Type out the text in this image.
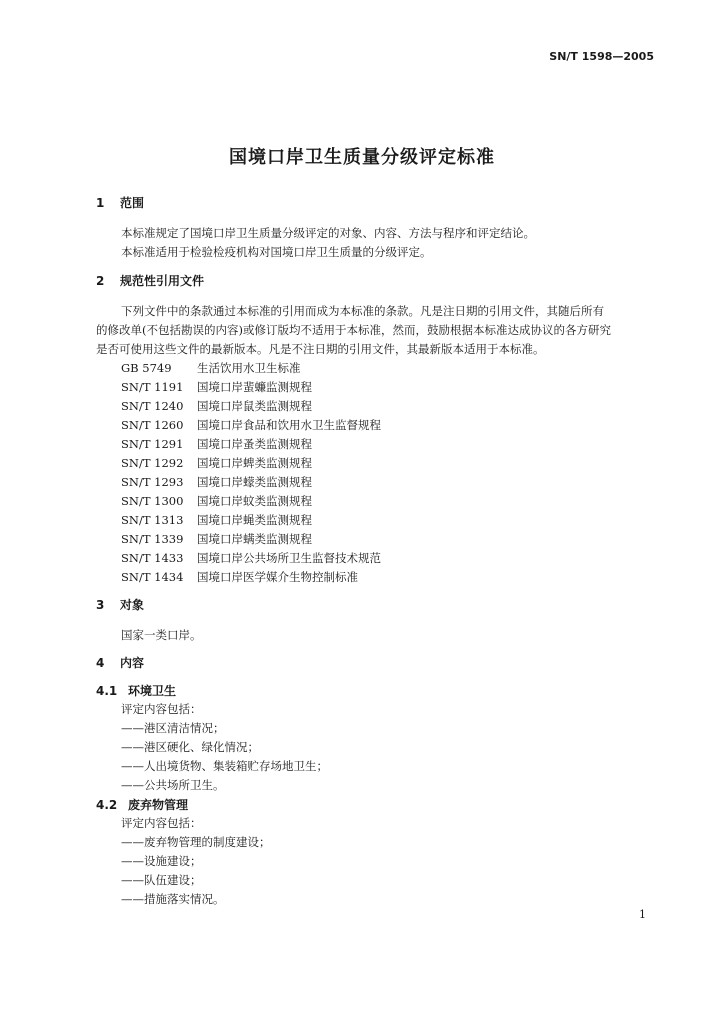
SN/T 1598—2005
国境口岸卫生质量分级评定标准
1 范围
本标准规定了国境口岸卫生质量分级评定的对象、内容、方法与程序和评定结论。
本标准适用于检验检疫机构对国境口岸卫生质量的分级评定。
2 规范性引用文件
下列文件中的条款通过本标准的引用而成为本标准的条款。凡是注日期的引用文件，其随后所有
的修改单(不包括勘误的内容)或修订版均不适用于本标准，然而，鼓励根据本标准达成协议的各方研究
是否可使用这些文件的最新版本。凡是不注日期的引用文件，其最新版本适用于本标准。
GB 5749 生活饮用水卫生标准
SN/T 1191 国境口岸蜚蠊监测规程
SN/T 1240 国境口岸鼠类监测规程
SN/T 1260 国境口岸食品和饮用水卫生监督规程
SN/T 1291 国境口岸蚤类监测规程
SN/T 1292 国境口岸蜱类监测规程
SN/T 1293 国境口岸蠓类监测规程
SN/T 1300 国境口岸蚊类监测规程
SN/T 1313 国境口岸蝇类监测规程
SN/T 1339 国境口岸螨类监测规程
SN/T 1433 国境口岸公共场所卫生监督技术规范
SN/T 1434 国境口岸医学媒介生物控制标准
3 对象
国家一类口岸。
4 内容
4.1 环境卫生
评定内容包括：
——港区清洁情况；
——港区硬化、绿化情况；
——人出境货物、集装箱贮存场地卫生；
——公共场所卫生。
4.2 废弃物管理
评定内容包括：
——废弃物管理的制度建设；
——设施建设；
——队伍建设；
——措施落实情况。
1
